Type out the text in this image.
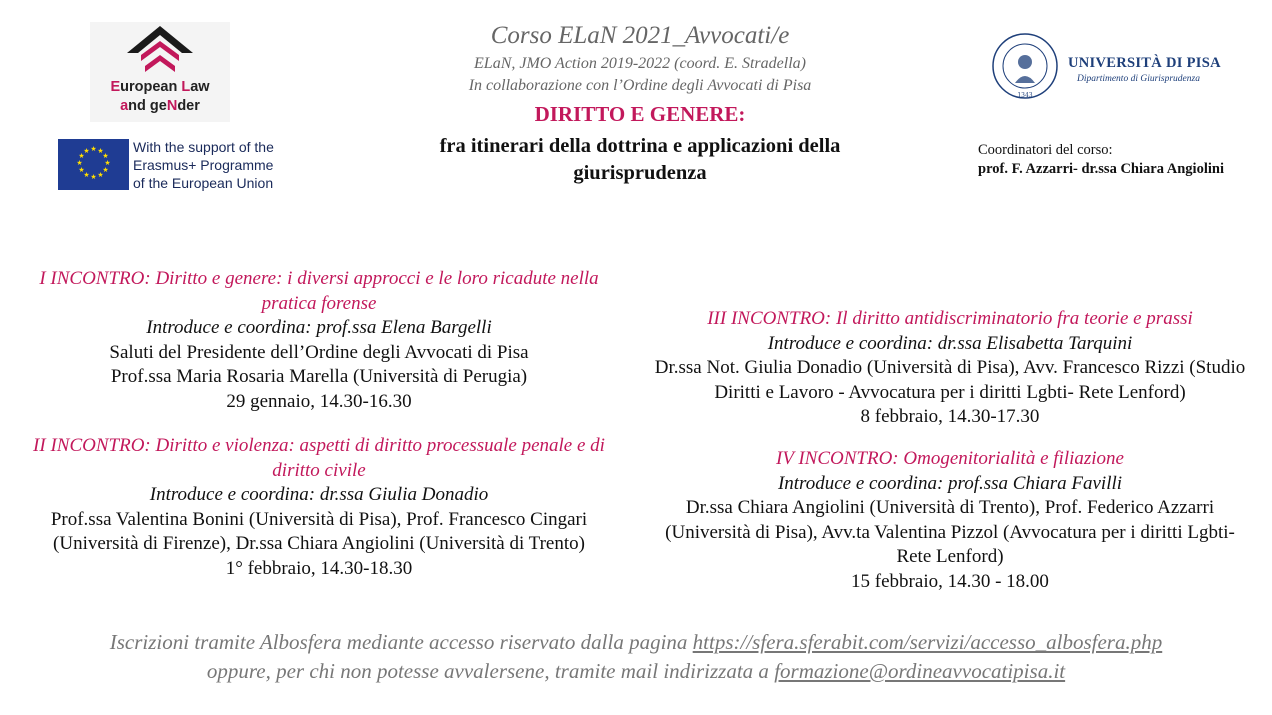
European Law
and geNder
★ ★
★
★
★
★
★
★
★
★
★
★	With the support of the
Erasmus+ Programme
of the European Union
Corso ELaN 2021_Avvocati/e
ELaN, JMO Action 2019-2022 (coord. E. Stradella)
In collaborazione con l’Ordine degli Avvocati di Pisa
DIRITTO E GENERE:
fra itinerari della dottrina e applicazioni della giurisprudenza
1343
UNIVERSITÀ DI PISA
Dipartimento di Giurisprudenza
Coordinatori del corso:
prof. F. Azzarri- dr.ssa Chiara Angiolini
I INCONTRO: Diritto e genere: i diversi approcci e le loro ricadute nella pratica forense
Introduce e coordina: prof.ssa Elena Bargelli
Saluti del Presidente dell’Ordine degli Avvocati di Pisa
Prof.ssa Maria Rosaria Marella (Università di Perugia)
29 gennaio, 14.30-16.30
II INCONTRO: Diritto e violenza: aspetti di diritto processuale penale e di diritto civile
Introduce e coordina: dr.ssa Giulia Donadio
Prof.ssa Valentina Bonini (Università di Pisa), Prof. Francesco Cingari (Università di Firenze), Dr.ssa Chiara Angiolini (Università di Trento)
1° febbraio, 14.30-18.30
III INCONTRO: Il diritto antidiscriminatorio fra teorie e prassi
Introduce e coordina: dr.ssa Elisabetta Tarquini
Dr.ssa Not. Giulia Donadio (Università di Pisa), Avv. Francesco Rizzi (Studio Diritti e Lavoro - Avvocatura per i diritti Lgbti- Rete Lenford)
8 febbraio, 14.30-17.30
IV INCONTRO: Omogenitorialità e filiazione
Introduce e coordina: prof.ssa Chiara Favilli
Dr.ssa Chiara Angiolini (Università di Trento), Prof. Federico Azzarri (Università di Pisa), Avv.ta Valentina Pizzol (Avvocatura per i diritti Lgbti- Rete Lenford)
15 febbraio, 14.30 - 18.00
Iscrizioni tramite Albosfera mediante accesso riservato dalla pagina https://sfera.sferabit.com/servizi/accesso_albosfera.php
oppure, per chi non potesse avvalersene, tramite mail indirizzata a formazione@ordineavvocatipisa.it
